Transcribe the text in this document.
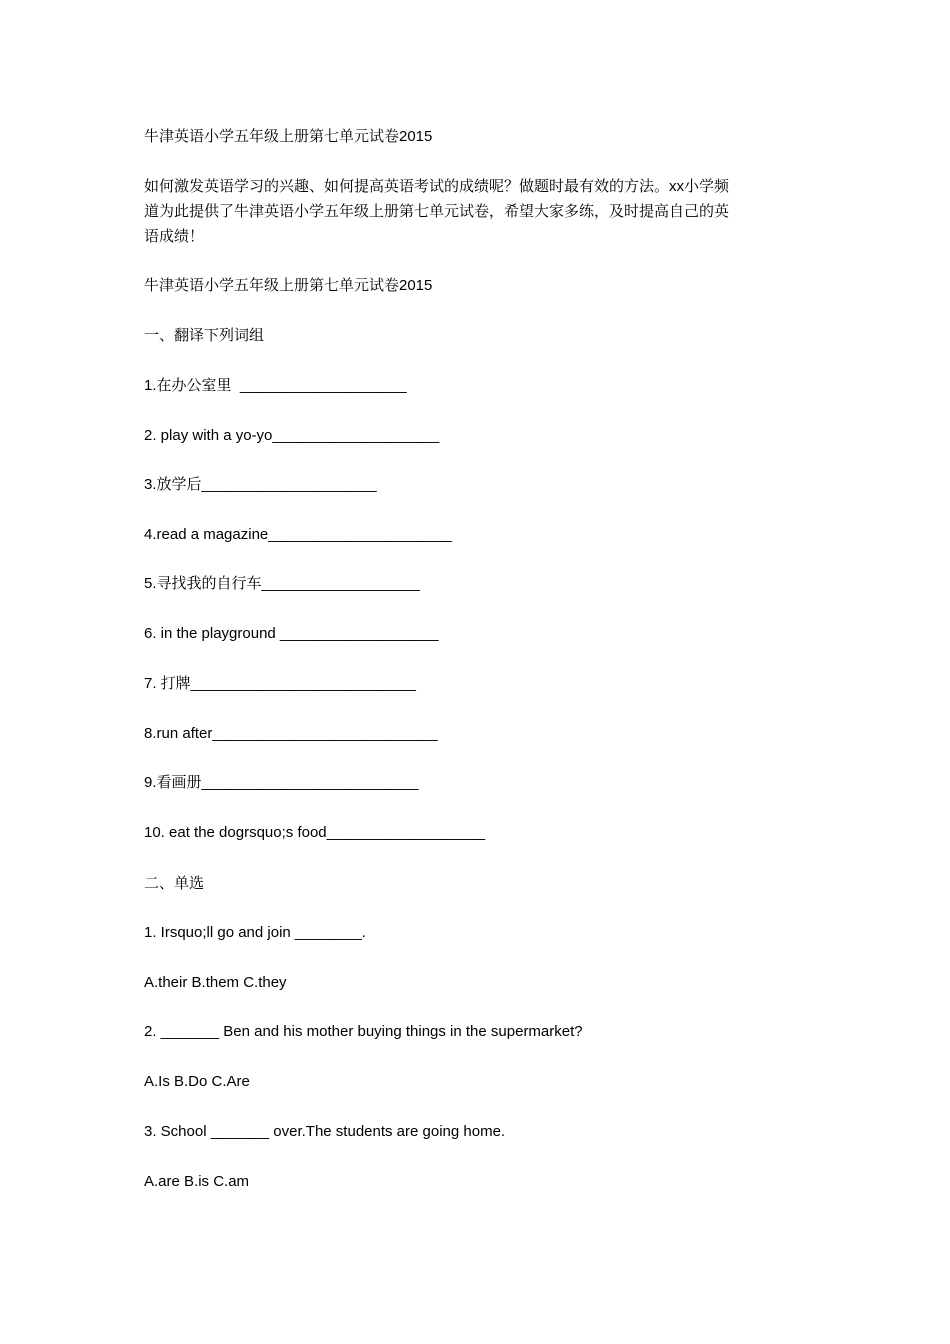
牛津英语小学五年级上册第七单元试卷2015
如何激发英语学习的兴趣、如何提高英语考试的成绩呢？做题时最有效的方法。xx小学频
道为此提供了牛津英语小学五年级上册第七单元试卷，希望大家多练，及时提高自己的英
语成绩！
牛津英语小学五年级上册第七单元试卷2015
一、翻译下列词组
1.在办公室里  ____________________
2. play with a yo-yo____________________
3.放学后_____________________
4.read a magazine______________________
5.寻找我的自行车___________________
6. in the playground ___________________
7. 打牌___________________________
8.run after___________________________
9.看画册__________________________
10. eat the dogrsquo;s food___________________
二、单选
1. Irsquo;ll go and join ________.
A.their B.them C.they
2. _______ Ben and his mother buying things in the supermarket?
A.Is B.Do C.Are
3. School _______ over.The students are going home.
A.are B.is C.am
